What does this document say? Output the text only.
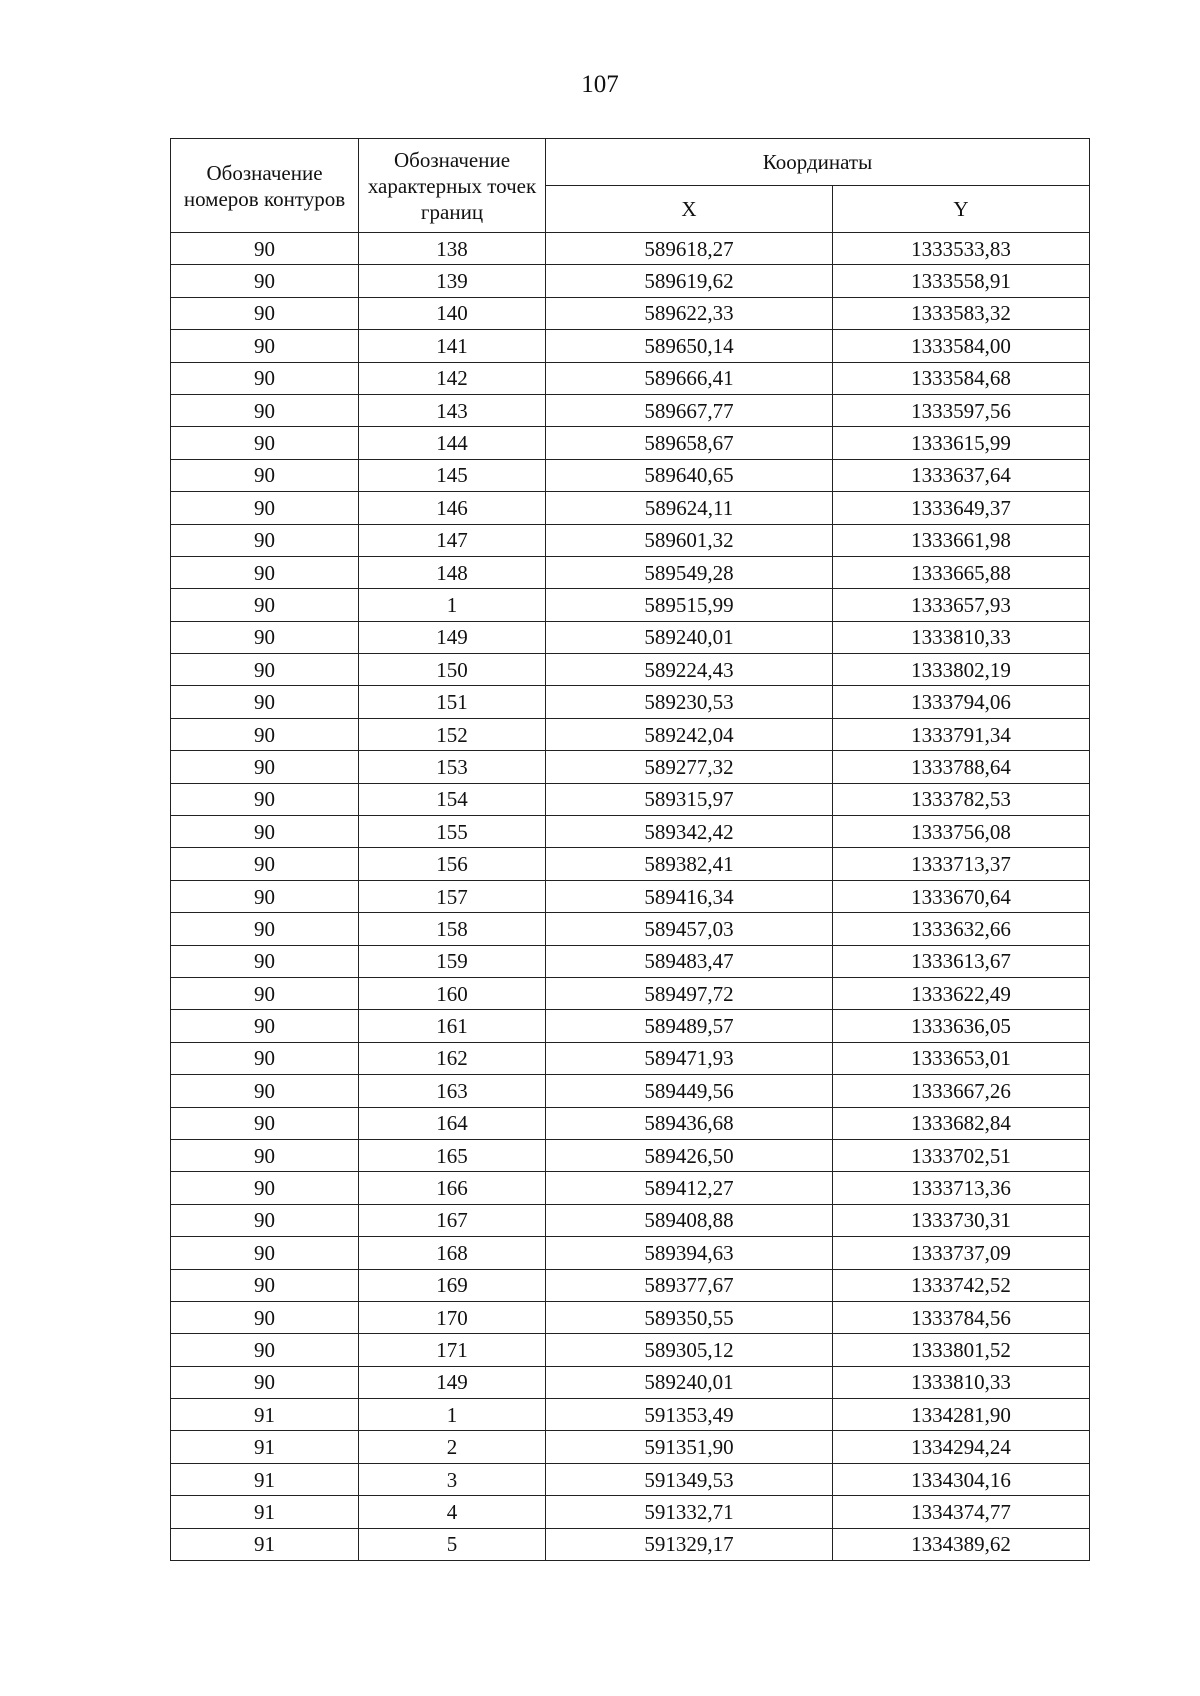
107
Обозначение номеров контуров	Обозначение характерных точек границ	Координаты	
		X	Y
90	138	589618,27	1333533,83
90	139	589619,62	1333558,91
90	140	589622,33	1333583,32
90	141	589650,14	1333584,00
90	142	589666,41	1333584,68
90	143	589667,77	1333597,56
90	144	589658,67	1333615,99
90	145	589640,65	1333637,64
90	146	589624,11	1333649,37
90	147	589601,32	1333661,98
90	148	589549,28	1333665,88
90	1	589515,99	1333657,93
90	149	589240,01	1333810,33
90	150	589224,43	1333802,19
90	151	589230,53	1333794,06
90	152	589242,04	1333791,34
90	153	589277,32	1333788,64
90	154	589315,97	1333782,53
90	155	589342,42	1333756,08
90	156	589382,41	1333713,37
90	157	589416,34	1333670,64
90	158	589457,03	1333632,66
90	159	589483,47	1333613,67
90	160	589497,72	1333622,49
90	161	589489,57	1333636,05
90	162	589471,93	1333653,01
90	163	589449,56	1333667,26
90	164	589436,68	1333682,84
90	165	589426,50	1333702,51
90	166	589412,27	1333713,36
90	167	589408,88	1333730,31
90	168	589394,63	1333737,09
90	169	589377,67	1333742,52
90	170	589350,55	1333784,56
90	171	589305,12	1333801,52
90	149	589240,01	1333810,33
91	1	591353,49	1334281,90
91	2	591351,90	1334294,24
91	3	591349,53	1334304,16
91	4	591332,71	1334374,77
91	5	591329,17	1334389,62
